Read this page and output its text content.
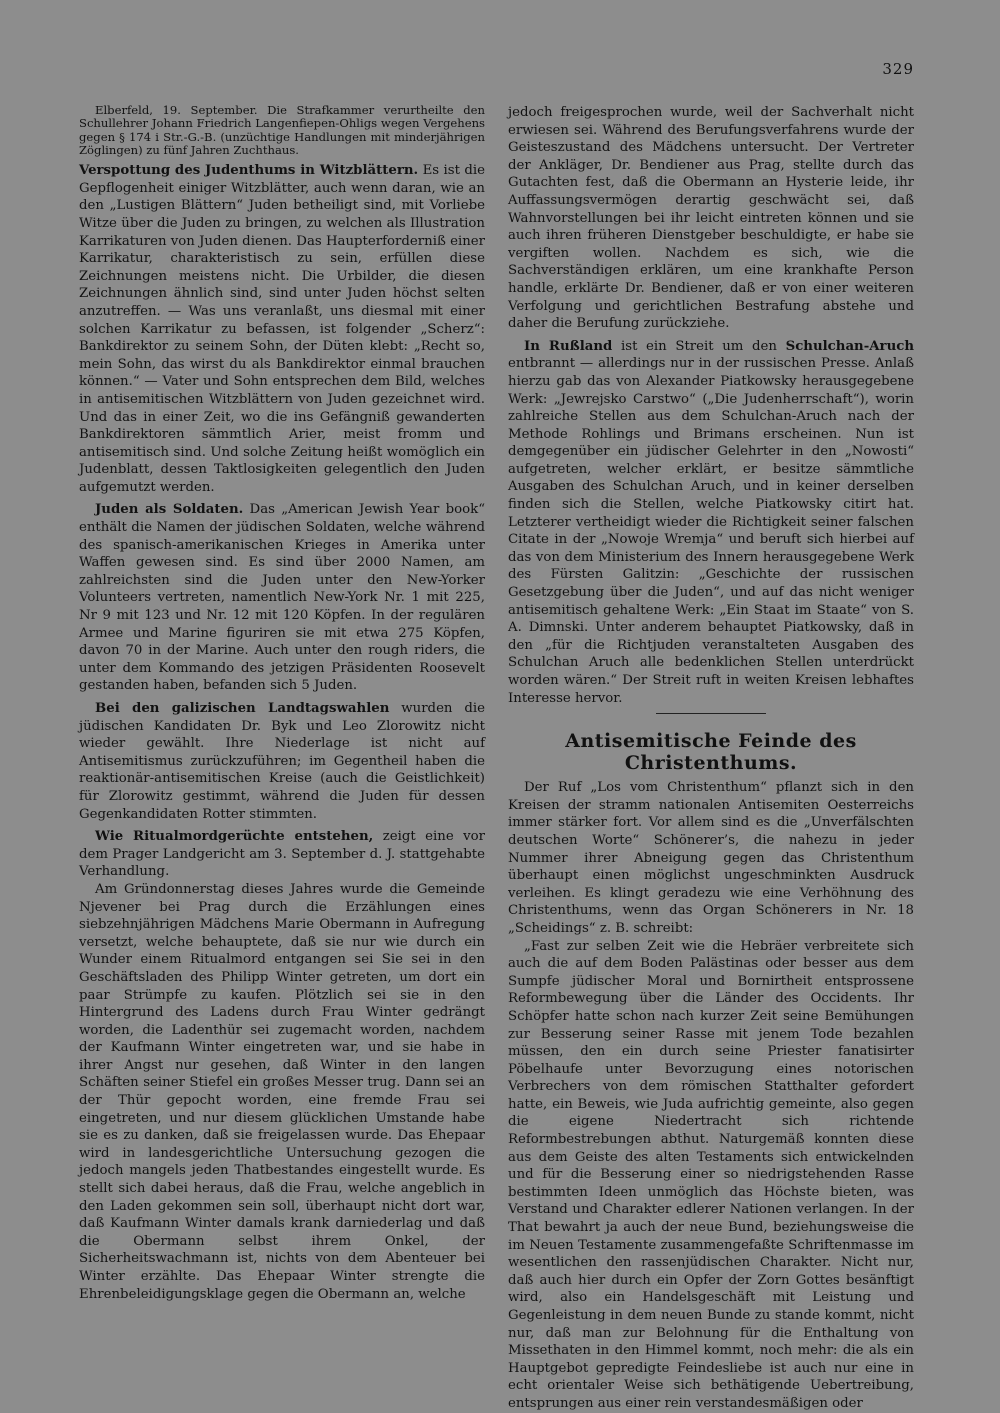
329

Elberfeld, 19. September. Die Strafkammer verurtheilte den Schullehrer Johann Friedrich Langenfiepen-Ohligs wegen Vergehens gegen § 174 i Str.-G.-B. (unzüchtige Handlungen mit minderjährigen Zöglingen) zu fünf Jahren Zuchthaus.

Verspottung des Judenthums in Witzblättern. Es ist die Gepflogenheit einiger Witzblätter, auch wenn daran, wie an den „Lustigen Blättern“ Juden betheiligt sind, mit Vorliebe Witze über die Juden zu bringen, zu welchen als Illustration Karrikaturen von Juden dienen. Das Haupterforderniß einer Karrikatur, charakteristisch zu sein, erfüllen diese Zeichnungen meistens nicht. Die Urbilder, die diesen Zeichnungen ähnlich sind, sind unter Juden höchst selten anzutreffen. — Was uns veranlaßt, uns diesmal mit einer solchen Karrikatur zu befassen, ist folgender „Scherz“: Bankdirektor zu seinem Sohn, der Düten klebt: „Recht so, mein Sohn, das wirst du als Bankdirektor einmal brauchen können.“ — Vater und Sohn entsprechen dem Bild, welches in antisemitischen Witzblättern von Juden gezeichnet wird. Und das in einer Zeit, wo die ins Gefängniß gewanderten Bankdirektoren sämmtlich Arier, meist fromm und antisemitisch sind. Und solche Zeitung heißt womöglich ein Judenblatt, dessen Taktlosigkeiten gelegentlich den Juden aufgemutzt werden.

Juden als Soldaten. Das „American Jewish Year book“ enthält die Namen der jüdischen Soldaten, welche während des spanisch-amerikanischen Krieges in Amerika unter Waffen gewesen sind. Es sind über 2000 Namen, am zahlreichsten sind die Juden unter den New-Yorker Volunteers vertreten, namentlich New-York Nr. 1 mit 225, Nr 9 mit 123 und Nr. 12 mit 120 Köpfen. In der regulären Armee und Marine figuriren sie mit etwa 275 Köpfen, davon 70 in der Marine. Auch unter den rough riders, die unter dem Kommando des jetzigen Präsidenten Roosevelt gestanden haben, befanden sich 5 Juden.

Bei den galizischen Landtagswahlen wurden die jüdischen Kandidaten Dr. Byk und Leo Zlorowitz nicht wieder gewählt. Ihre Niederlage ist nicht auf Antisemitismus zurückzuführen; im Gegentheil haben die reaktionär-antisemitischen Kreise (auch die Geistlichkeit) für Zlorowitz gestimmt, während die Juden für dessen Gegenkandidaten Rotter stimmten.

Wie Ritualmordgerüchte entstehen, zeigt eine vor dem Prager Landgericht am 3. September d. J. stattgehabte Verhandlung.

Am Gründonnerstag dieses Jahres wurde die Gemeinde Njevener bei Prag durch die Erzählungen eines siebzehnjährigen Mädchens Marie Obermann in Aufregung versetzt, welche behauptete, daß sie nur wie durch ein Wunder einem Ritualmord entgangen sei Sie sei in den Geschäftsladen des Philipp Winter getreten, um dort ein paar Strümpfe zu kaufen. Plötzlich sei sie in den Hintergrund des Ladens durch Frau Winter gedrängt worden, die Ladenthür sei zugemacht worden, nachdem der Kaufmann Winter eingetreten war, und sie habe in ihrer Angst nur gesehen, daß Winter in den langen Schäften seiner Stiefel ein großes Messer trug. Dann sei an der Thür gepocht worden, eine fremde Frau sei eingetreten, und nur diesem glücklichen Umstande habe sie es zu danken, daß sie freigelassen wurde. Das Ehepaar wird in landesgerichtliche Untersuchung gezogen die jedoch mangels jeden Thatbestandes eingestellt wurde. Es stellt sich dabei heraus, daß die Frau, welche angeblich in den Laden gekommen sein soll, überhaupt nicht dort war, daß Kaufmann Winter damals krank darniederlag und daß die Obermann selbst ihrem Onkel, der Sicherheitswachmann ist, nichts von dem Abenteuer bei Winter erzählte. Das Ehepaar Winter strengte die Ehrenbeleidigungsklage gegen die Obermann an, welche

jedoch freigesprochen wurde, weil der Sachverhalt nicht erwiesen sei. Während des Berufungsverfahrens wurde der Geisteszustand des Mädchens untersucht. Der Vertreter der Ankläger, Dr. Bendiener aus Prag, stellte durch das Gutachten fest, daß die Obermann an Hysterie leide, ihr Auffassungsvermögen derartig geschwächt sei, daß Wahnvorstellungen bei ihr leicht eintreten können und sie auch ihren früheren Dienstgeber beschuldigte, er habe sie vergiften wollen. Nachdem es sich, wie die Sachverständigen erklären, um eine krankhafte Person handle, erklärte Dr. Bendiener, daß er von einer weiteren Verfolgung und gerichtlichen Bestrafung abstehe und daher die Berufung zurückziehe.

In Rußland ist ein Streit um den Schulchan-Aruch entbrannt — allerdings nur in der russischen Presse. Anlaß hierzu gab das von Alexander Piatkowsky herausgegebene Werk: „Jewrejsko Carstwo“ („Die Judenherrschaft“), worin zahlreiche Stellen aus dem Schulchan-Aruch nach der Methode Rohlings und Brimans erscheinen. Nun ist demgegenüber ein jüdischer Gelehrter in den „Nowosti“ aufgetreten, welcher erklärt, er besitze sämmtliche Ausgaben des Schulchan Aruch, und in keiner derselben finden sich die Stellen, welche Piatkowsky citirt hat. Letzterer vertheidigt wieder die Richtigkeit seiner falschen Citate in der „Nowoje Wremja“ und beruft sich hierbei auf das von dem Ministerium des Innern herausgegebene Werk des Fürsten Galitzin: „Geschichte der russischen Gesetzgebung über die Juden“, und auf das nicht weniger antisemitisch gehaltene Werk: „Ein Staat im Staate“ von S. A. Dimnski. Unter anderem behauptet Piatkowsky, daß in den „für die Richtjuden veranstalteten Ausgaben des Schulchan Aruch alle bedenklichen Stellen unterdrückt worden wären.“ Der Streit ruft in weiten Kreisen lebhaftes Interesse hervor.

Antisemitische Feinde des Christenthums.

Der Ruf „Los vom Christenthum“ pflanzt sich in den Kreisen der stramm nationalen Antisemiten Oesterreichs immer stärker fort. Vor allem sind es die „Unverfälschten deutschen Worte“ Schönerer’s, die nahezu in jeder Nummer ihrer Abneigung gegen das Christenthum überhaupt einen möglichst ungeschminkten Ausdruck verleihen. Es klingt geradezu wie eine Verhöhnung des Christenthums, wenn das Organ Schönerers in Nr. 18 „Scheidings“ z. B. schreibt:

„Fast zur selben Zeit wie die Hebräer verbreitete sich auch die auf dem Boden Palästinas oder besser aus dem Sumpfe jüdischer Moral und Bornirtheit entsprossene Reformbewegung über die Länder des Occidents. Ihr Schöpfer hatte schon nach kurzer Zeit seine Bemühungen zur Besserung seiner Rasse mit jenem Tode bezahlen müssen, den ein durch seine Priester fanatisirter Pöbelhaufe unter Bevorzugung eines notorischen Verbrechers von dem römischen Statthalter gefordert hatte, ein Beweis, wie Juda aufrichtig gemeinte, also gegen die eigene Niedertracht sich richtende Reformbestrebungen abthut. Naturgemäß konnten diese aus dem Geiste des alten Testaments sich entwickelnden und für die Besserung einer so niedrigstehenden Rasse bestimmten Ideen unmöglich das Höchste bieten, was Verstand und Charakter edlerer Nationen verlangen. In der That bewahrt ja auch der neue Bund, beziehungsweise die im Neuen Testamente zusammengefaßte Schriftenmasse im wesentlichen den rassenjüdischen Charakter. Nicht nur, daß auch hier durch ein Opfer der Zorn Gottes besänftigt wird, also ein Handelsgeschäft mit Leistung und Gegenleistung in dem neuen Bunde zu stande kommt, nicht nur, daß man zur Belohnung für die Enthaltung von Missethaten in den Himmel kommt, noch mehr: die als ein Hauptgebot gepredigte Feindesliebe ist auch nur eine in echt orientaler Weise sich bethätigende Uebertreibung, entsprungen aus einer rein verstandesmäßigen oder
